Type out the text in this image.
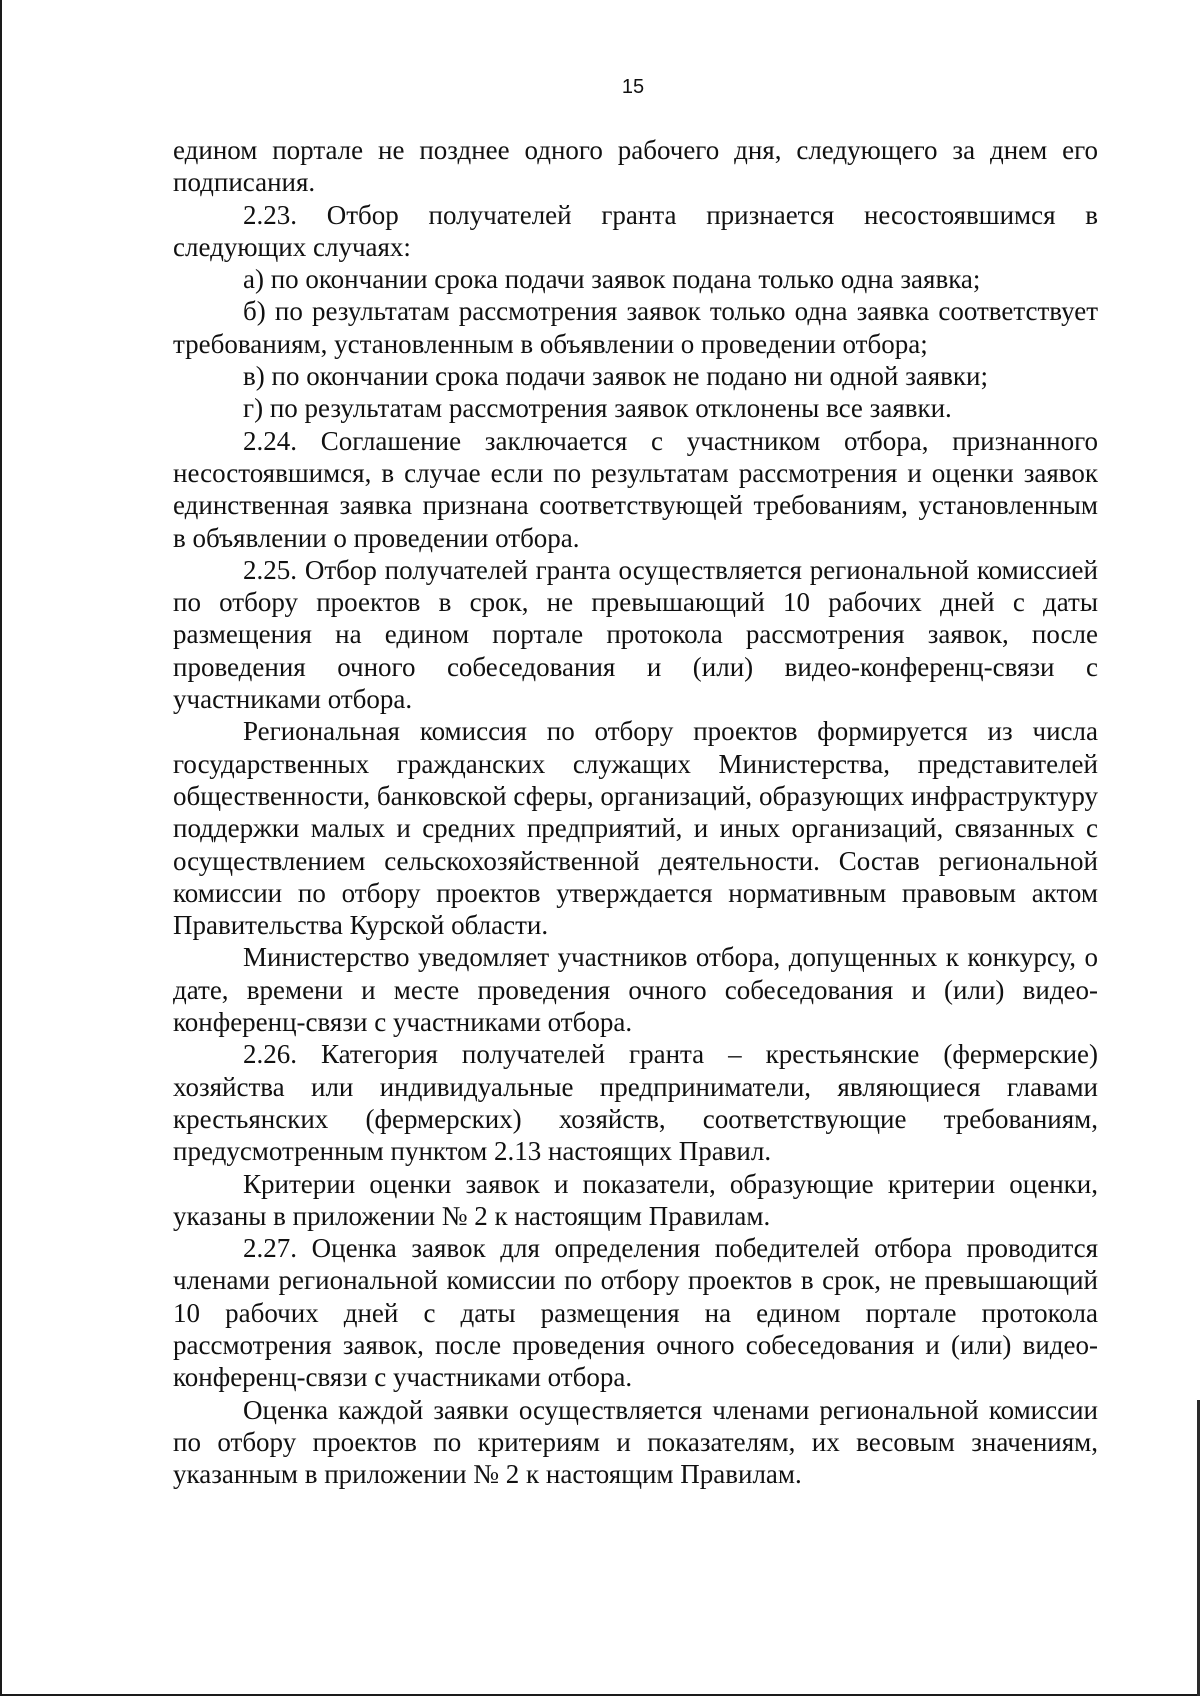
15

едином портале не позднее одного рабочего дня, следующего за днем его подписания.

2.23. Отбор получателей гранта признается несостоявшимся в следующих случаях:

а) по окончании срока подачи заявок подана только одна заявка;

б) по результатам рассмотрения заявок только одна заявка соответствует требованиям, установленным в объявлении о проведении отбора;

в) по окончании срока подачи заявок не подано ни одной заявки;

г) по результатам рассмотрения заявок отклонены все заявки.

2.24. Соглашение заключается с участником отбора, признанного несостоявшимся, в случае если по результатам рассмотрения и оценки заявок единственная заявка признана соответствующей требованиям, установленным в объявлении о проведении отбора.

2.25. Отбор получателей гранта осуществляется региональной комиссией по отбору проектов в срок, не превышающий 10 рабочих дней с даты размещения на едином портале протокола рассмотрения заявок, после проведения очного собеседования и (или) видео-конференц-связи с участниками отбора.

Региональная комиссия по отбору проектов формируется из числа государственных гражданских служащих Министерства, представителей общественности, банковской сферы, организаций, образующих инфраструктуру поддержки малых и средних предприятий, и иных организаций, связанных с осуществлением сельскохозяйственной деятельности. Состав региональной комиссии по отбору проектов утверждается нормативным правовым актом Правительства Курской области.

Министерство уведомляет участников отбора, допущенных к конкурсу, о дате, времени и месте проведения очного собеседования и (или) видео-конференц-связи с участниками отбора.

2.26. Категория получателей гранта – крестьянские (фермерские) хозяйства или индивидуальные предприниматели, являющиеся главами крестьянских (фермерских) хозяйств, соответствующие требованиям, предусмотренным пунктом 2.13 настоящих Правил.

Критерии оценки заявок и показатели, образующие критерии оценки, указаны в приложении № 2 к настоящим Правилам.

2.27. Оценка заявок для определения победителей отбора проводится членами региональной комиссии по отбору проектов в срок, не превышающий 10 рабочих дней с даты размещения на едином портале протокола рассмотрения заявок, после проведения очного собеседования и (или) видео-конференц-связи с участниками отбора.

Оценка каждой заявки осуществляется членами региональной комиссии по отбору проектов по критериям и показателям, их весовым значениям, указанным в приложении № 2 к настоящим Правилам.
